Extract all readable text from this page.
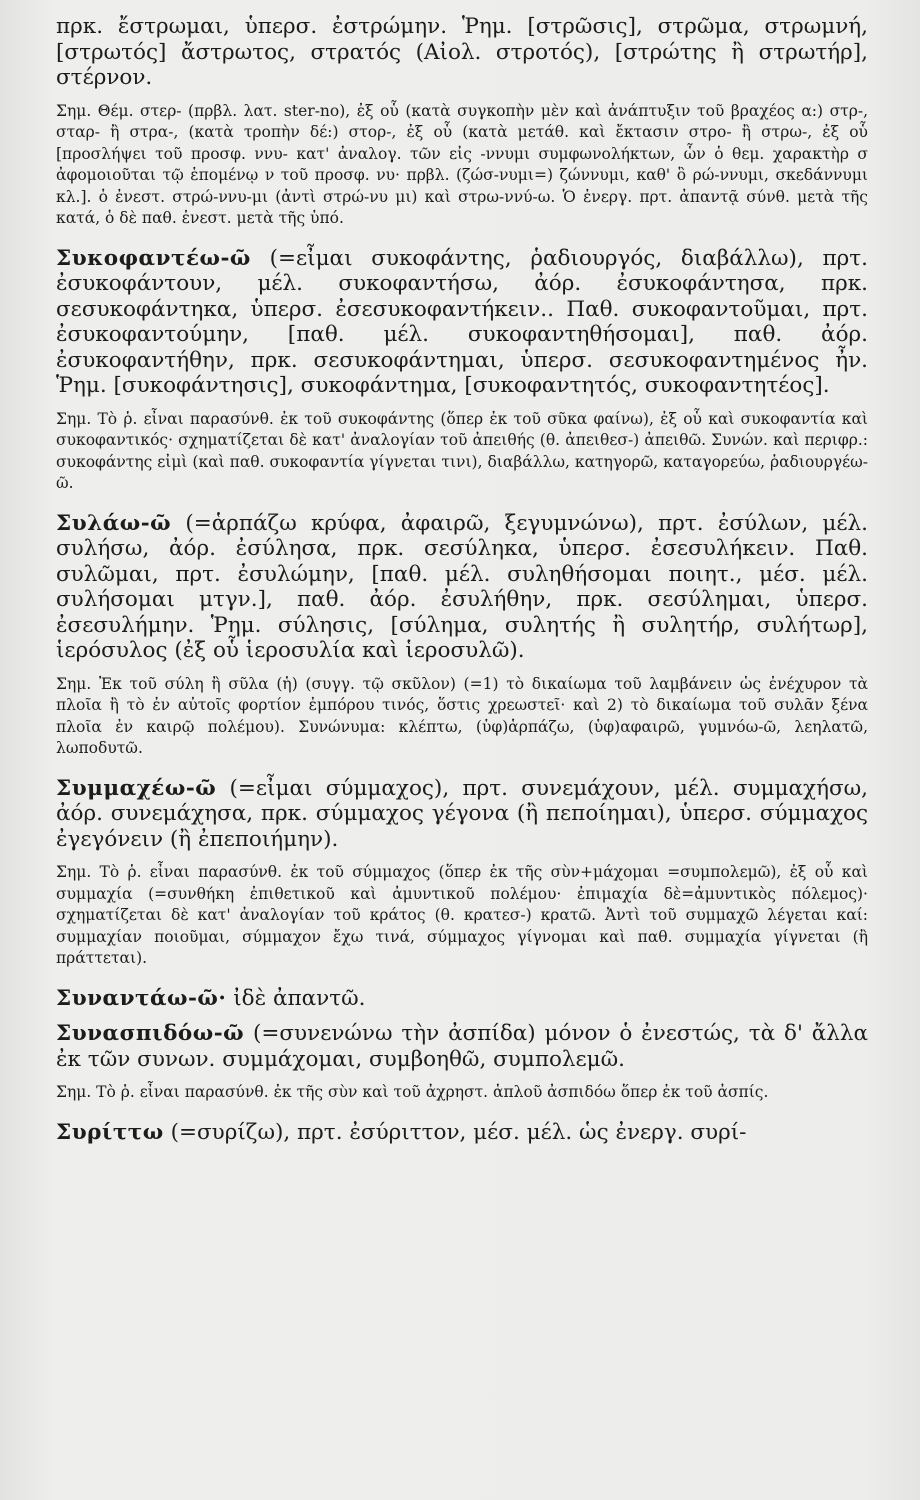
πρκ. ἔστρωμαι, ὑπερσ. ἐστρώμην. Ῥημ. [στρῶσις], στρῶμα, στρωμνή, [στρωτός] ἄστρωτος, στρατός (Αἰολ. στροτός), [στρώτης ἢ στρωτήρ], στέρνον.

Σημ. Θέμ. στερ- (πρβλ. λατ. ster-no), ἐξ οὗ (κατὰ συγκοπὴν μὲν καὶ ἀνάπτυξιν τοῦ βραχέος α:) στρ-, σταρ- ἢ στρα-, (κατὰ τροπὴν δέ:) στορ-, ἐξ οὗ (κατὰ μετάθ. καὶ ἔκτασιν στρο- ἢ στρω-, ἐξ οὗ [προσλήψει τοῦ προσφ. ννυ- κατ' ἀναλογ. τῶν εἰς -ννυμι συμφωνολήκτων, ὧν ὁ θεμ. χαρακτὴρ σ ἀφομοιοῦται τῷ ἑπομένῳ ν τοῦ προσφ. νυ· πρβλ. (ζώσ-νυμι=) ζώννυμι, καθ' ὃ ρώ-ννυμι, σκεδάννυμι κλ.]. ὁ ἐνεστ. στρώ-ννυ-μι (ἀντὶ στρώ-νυ μι) καὶ στρω-ννύ-ω. Ὁ ἐνεργ. πρτ. ἀπαντᾷ σύνθ. μετὰ τῆς κατά, ὁ δὲ παθ. ἐνεστ. μετὰ τῆς ὑπό.

Συκοφαντέω-ῶ (=εἶμαι συκοφάντης, ῥαδιουργός, διαβάλλω), πρτ. ἐσυκοφάντουν, μέλ. συκοφαντήσω, ἀόρ. ἐσυκοφάντησα, πρκ. σεσυκοφάντηκα, ὑπερσ. ἐσεσυκοφαντήκειν.. Παθ. συκοφαντοῦμαι, πρτ. ἐσυκοφαντούμην, [παθ. μέλ. συκοφαντηθήσομαι], παθ. ἀόρ. ἐσυκοφαντήθην, πρκ. σεσυκοφάντημαι, ὑπερσ. σεσυκοφαντημένος ἦν. Ῥημ. [συκοφάντησις], συκοφάντημα, [συκοφαντητός, συκοφαντητέος].

Σημ. Τὸ ῥ. εἶναι παρασύνθ. ἐκ τοῦ συκοφάντης (ὅπερ ἐκ τοῦ σῦκα φαίνω), ἐξ οὗ καὶ συκοφαντία καὶ συκοφαντικός· σχηματίζεται δὲ κατ' ἀναλογίαν τοῦ ἀπειθής (θ. ἀπειθεσ-) ἀπειθῶ. Συνών. καὶ περιφρ.: συκοφάντης εἰμὶ (καὶ παθ. συκοφαντία γίγνεται τινι), διαβάλλω, κατηγορῶ, καταγορεύω, ῥαδιουργέω-ῶ.

Συλάω-ῶ (=ἁρπάζω κρύφα, ἀφαιρῶ, ξεγυμνώνω), πρτ. ἐσύλων, μέλ. συλήσω, ἀόρ. ἐσύλησα, πρκ. σεσύληκα, ὑπερσ. ἐσεσυλήκειν. Παθ. συλῶμαι, πρτ. ἐσυλώμην, [παθ. μέλ. συληθήσομαι ποιητ., μέσ. μέλ. συλήσομαι μτγν.], παθ. ἀόρ. ἐσυλήθην, πρκ. σεσύλημαι, ὑπερσ. ἐσεσυλήμην. Ῥημ. σύλησις, [σύλημα, συλητής ἢ συλητήρ, συλήτωρ], ἱερόσυλος (ἐξ οὗ ἱεροσυλία καὶ ἱεροσυλῶ).

Σημ. Ἐκ τοῦ σύλη ἢ σῦλα (ἡ) (συγγ. τῷ σκῦλον) (=1) τὸ δικαίωμα τοῦ λαμβάνειν ὡς ἐνέχυρον τὰ πλοῖα ἢ τὸ ἐν αὐτοῖς φορτίον ἐμπόρου τινός, ὅστις χρεωστεῖ· καὶ 2) τὸ δικαίωμα τοῦ συλᾶν ξένα πλοῖα ἐν καιρῷ πολέμου). Συνώνυμα: κλέπτω, (ὑφ)ἁρπάζω, (ὑφ)αφαιρῶ, γυμνόω-ῶ, λεηλατῶ, λωποδυτῶ.

Συμμαχέω-ῶ (=εἶμαι σύμμαχος), πρτ. συνεμάχουν, μέλ. συμμαχήσω, ἀόρ. συνεμάχησα, πρκ. σύμμαχος γέγονα (ἢ πεποίημαι), ὑπερσ. σύμμαχος ἐγεγόνειν (ἢ ἐπεποιήμην).

Σημ. Τὸ ῥ. εἶναι παρασύνθ. ἐκ τοῦ σύμμαχος (ὅπερ ἐκ τῆς σὺν+μάχομαι =συμπολεμῶ), ἐξ οὗ καὶ συμμαχία (=συνθήκη ἐπιθετικοῦ καὶ ἀμυντικοῦ πολέμου· ἐπιμαχία δὲ=ἀμυντικὸς πόλεμος)· σχηματίζεται δὲ κατ' ἀναλογίαν τοῦ κράτος (θ. κρατεσ-) κρατῶ. Ἀντὶ τοῦ συμμαχῶ λέγεται καί: συμμαχίαν ποιοῦμαι, σύμμαχον ἔχω τινά, σύμμαχος γίγνομαι καὶ παθ. συμμαχία γίγνεται (ἢ πράττεται).

Συναντάω-ῶ· ἰδὲ ἀπαντῶ.

Συνασπιδόω-ῶ (=συνενώνω τὴν ἀσπίδα) μόνον ὁ ἐνεστώς, τὰ δ' ἄλλα ἐκ τῶν συνων. συμμάχομαι, συμβοηθῶ, συμπολεμῶ.

Σημ. Τὸ ῥ. εἶναι παρασύνθ. ἐκ τῆς σὺν καὶ τοῦ ἀχρηστ. ἁπλοῦ ἀσπιδόω ὅπερ ἐκ τοῦ ἀσπίς.

Συρίττω (=συρίζω), πρτ. ἐσύριττον, μέσ. μέλ. ὡς ἐνεργ. συρί-
